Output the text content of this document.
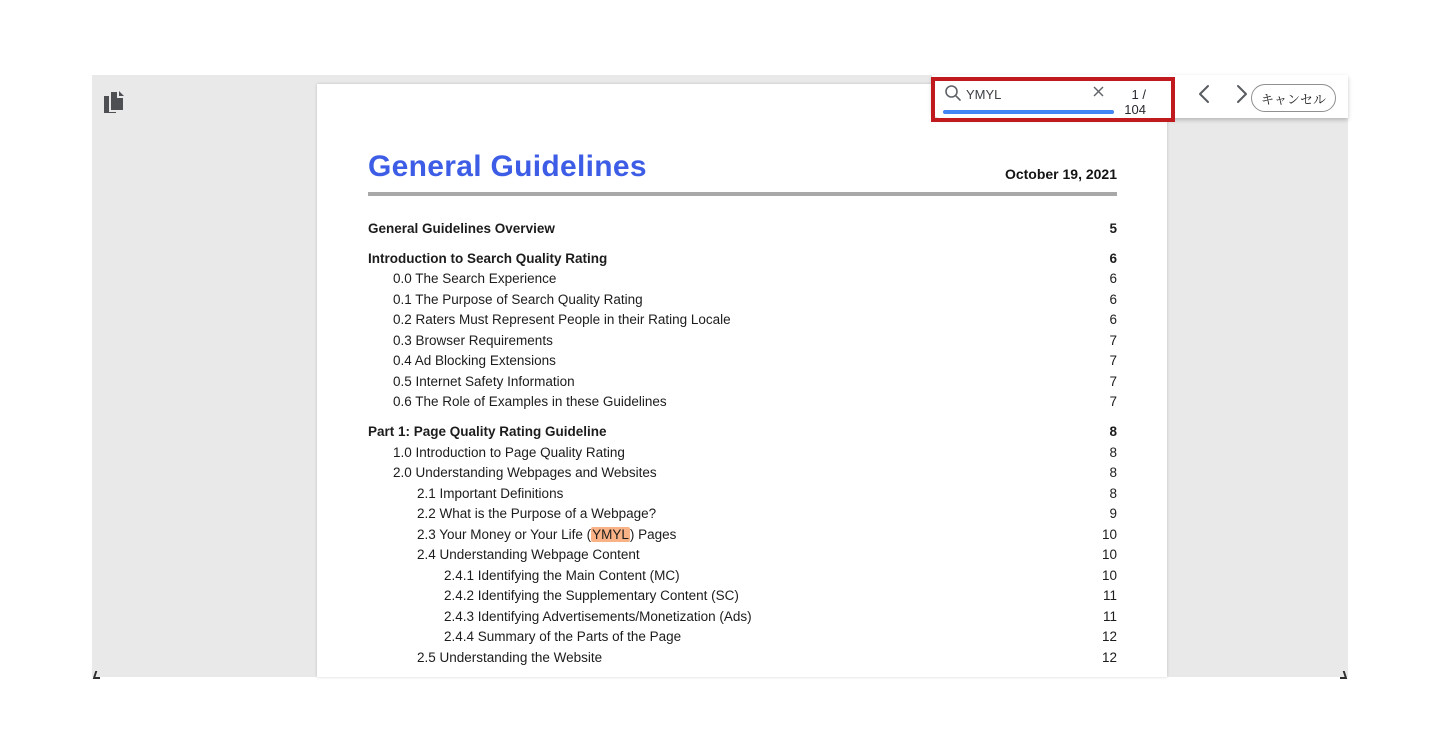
General Guidelines	October 19, 2021
General Guidelines Overview	5
Introduction to Search Quality Rating	6
0.0 The Search Experience	6
0.1 The Purpose of Search Quality Rating	6
0.2 Raters Must Represent People in their Rating Locale	6
0.3 Browser Requirements	7
0.4 Ad Blocking Extensions	7
0.5 Internet Safety Information	7
0.6 The Role of Examples in these Guidelines	7
Part 1: Page Quality Rating Guideline	8
1.0 Introduction to Page Quality Rating	8
2.0 Understanding Webpages and Websites	8
2.1 Important Definitions	8
2.2 What is the Purpose of a Webpage?	9
2.3 Your Money or Your Life (YMYL) Pages	10
2.4 Understanding Webpage Content	10
2.4.1 Identifying the Main Content (MC)	10
2.4.2 Identifying the Supplementary Content (SC)	11
2.4.3 Identifying Advertisements/Monetization (Ads)	11
2.4.4 Summary of the Parts of the Page	12
2.5 Understanding the Website	12
YMYL	1 / 104
キャンセル
